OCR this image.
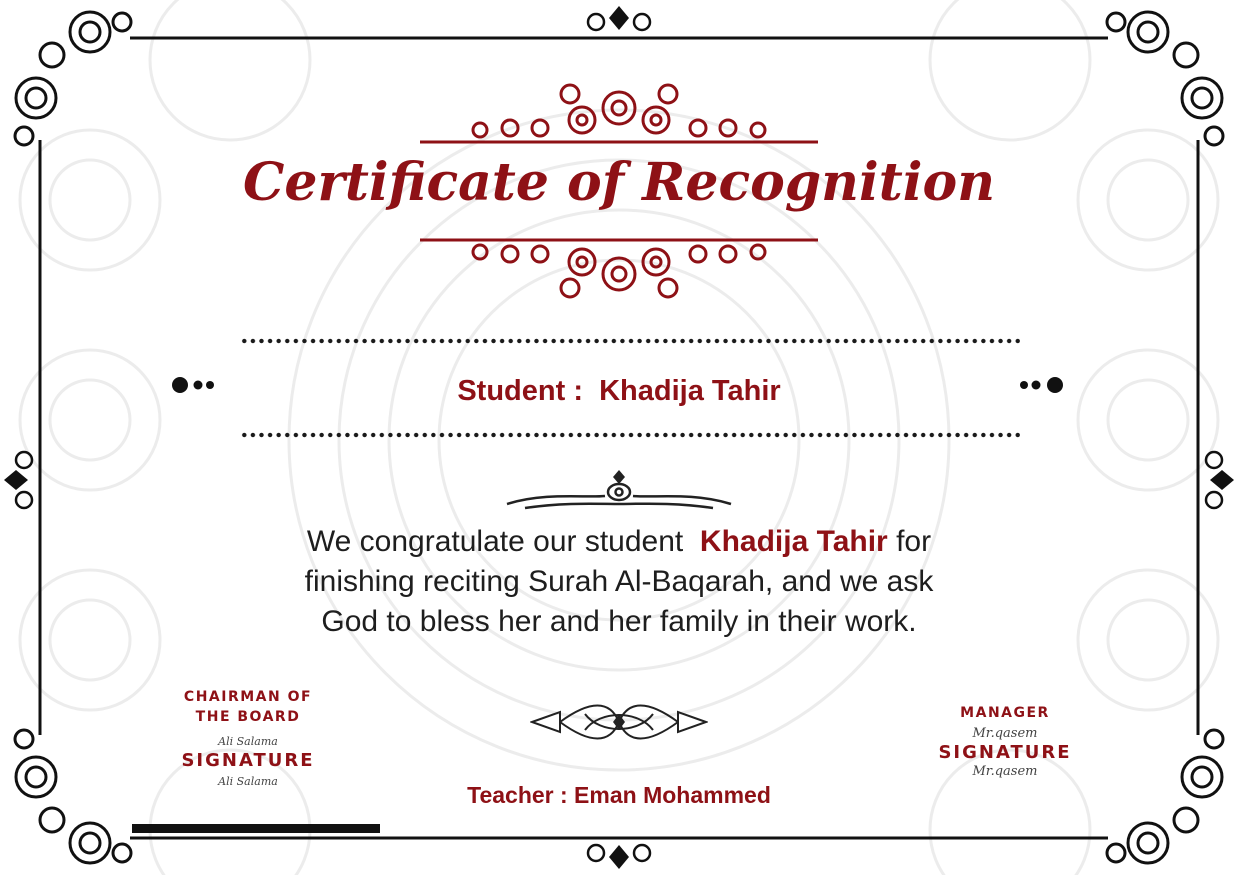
Certificate of Recognition
Student : Khadija Tahir
We congratulate our student Khadija Tahir for
finishing reciting Surah Al-Baqarah, and we ask
God to bless her and her family in their work.
CHAIRMAN OF
THE BOARD
Ali Salama
SIGNATURE
Ali Salama
Teacher : Eman Mohammed
MANAGER
Mr.qasem
SIGNATURE
Mr.qasem
